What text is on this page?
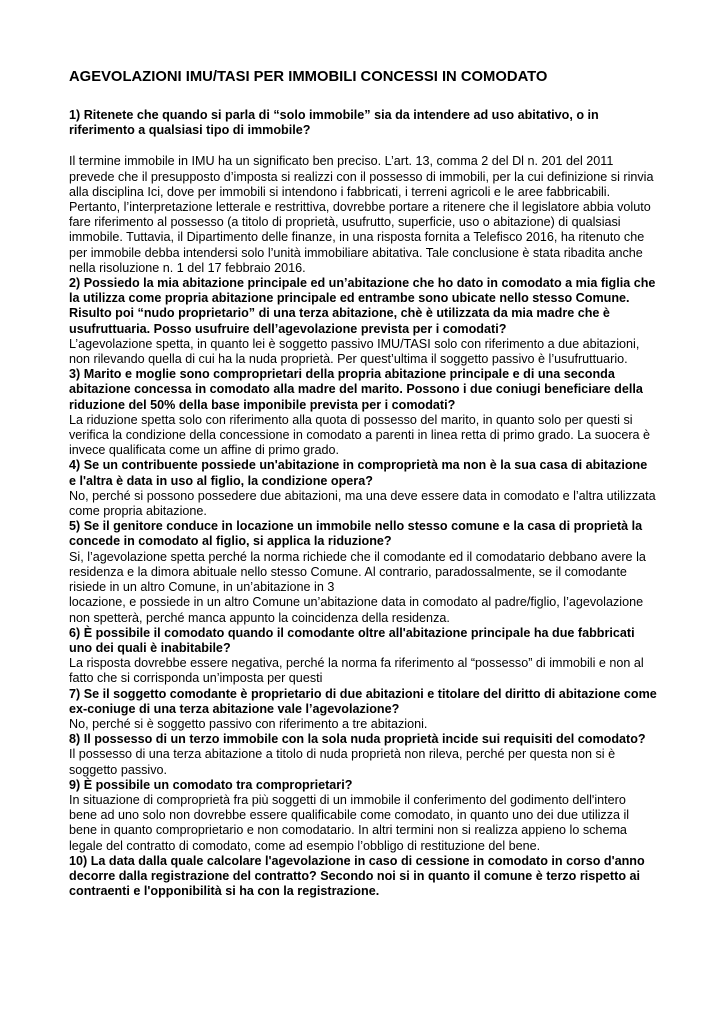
AGEVOLAZIONI IMU/TASI PER IMMOBILI CONCESSI IN COMODATO

1) Ritenete che quando si parla di “solo immobile” sia da intendere ad uso abitativo, o in riferimento a qualsiasi tipo di immobile?

Il termine immobile in IMU ha un significato ben preciso. L’art. 13, comma 2 del Dl n. 201 del 2011 prevede che il presupposto d’imposta si realizzi con il possesso di immobili, per la cui definizione si rinvia alla disciplina Ici, dove per immobili si intendono i fabbricati, i terreni agricoli e le aree fabbricabili. Pertanto, l’interpretazione letterale e restrittiva, dovrebbe portare a ritenere che il legislatore abbia voluto fare riferimento al possesso (a titolo di proprietà, usufrutto, superficie, uso o abitazione) di qualsiasi immobile. Tuttavia, il Dipartimento delle finanze, in una risposta fornita a Telefisco 2016, ha ritenuto che per immobile debba intendersi solo l’unità immobiliare abitativa. Tale conclusione è stata ribadita anche nella risoluzione n. 1 del 17 febbraio 2016.

2) Possiedo la mia abitazione principale ed un’abitazione che ho dato in comodato a mia figlia che la utilizza come propria abitazione principale ed entrambe sono ubicate nello stesso Comune. Risulto poi “nudo proprietario” di una terza abitazione, chè è utilizzata da mia madre che è usufruttuaria. Posso usufruire dell’agevolazione prevista per i comodati?

L’agevolazione spetta, in quanto lei è soggetto passivo IMU/TASI solo con riferimento a due abitazioni, non rilevando quella di cui ha la nuda proprietà. Per quest’ultima il soggetto passivo è l’usufruttuario.

3) Marito e moglie sono comproprietari della propria abitazione principale e di una seconda abitazione concessa in comodato alla madre del marito. Possono i due coniugi beneficiare della riduzione del 50% della base imponibile prevista per i comodati?

La riduzione spetta solo con riferimento alla quota di possesso del marito, in quanto solo per questi si verifica la condizione della concessione in comodato a parenti in linea retta di primo grado. La suocera è invece qualificata come un affine di primo grado.

4) Se un contribuente possiede un'abitazione in comproprietà ma non è la sua casa di abitazione e l'altra è data in uso al figlio, la condizione opera?

No, perché si possono possedere due abitazioni, ma una deve essere data in comodato e l’altra utilizzata come propria abitazione.

5) Se il genitore conduce in locazione un immobile nello stesso comune e la casa di proprietà la concede in comodato al figlio, si applica la riduzione?

Si, l’agevolazione spetta perché la norma richiede che il comodante ed il comodatario debbano avere la residenza e la dimora abituale nello stesso Comune. Al contrario, paradossalmente, se il comodante risiede in un altro Comune, in un’abitazione in 3

locazione, e possiede in un altro Comune un’abitazione data in comodato al padre/figlio, l’agevolazione non spetterà, perché manca appunto la coincidenza della residenza.

6) È possibile il comodato quando il comodante oltre all'abitazione principale ha due fabbricati uno dei quali è inabitabile?

La risposta dovrebbe essere negativa, perché la norma fa riferimento al “possesso” di immobili e non al fatto che si corrisponda un’imposta per questi

7) Se il soggetto comodante è proprietario di due abitazioni e titolare del diritto di abitazione come ex-coniuge di una terza abitazione vale l’agevolazione?

No, perché si è soggetto passivo con riferimento a tre abitazioni.

8) Il possesso di un terzo immobile con la sola nuda proprietà incide sui requisiti del comodato?

Il possesso di una terza abitazione a titolo di nuda proprietà non rileva, perché per questa non si è soggetto passivo.

9) È possibile un comodato tra comproprietari?

In situazione di comproprietà fra più soggetti di un immobile il conferimento del godimento dell'intero bene ad uno solo non dovrebbe essere qualificabile come comodato, in quanto uno dei due utilizza il bene in quanto comproprietario e non comodatario. In altri termini non si realizza appieno lo schema legale del contratto di comodato, come ad esempio l’obbligo di restituzione del bene.

10) La data dalla quale calcolare l'agevolazione in caso di cessione in comodato in corso d'anno decorre dalla registrazione del contratto? Secondo noi si in quanto il comune è terzo rispetto ai contraenti e l'opponibilità si ha con la registrazione.
